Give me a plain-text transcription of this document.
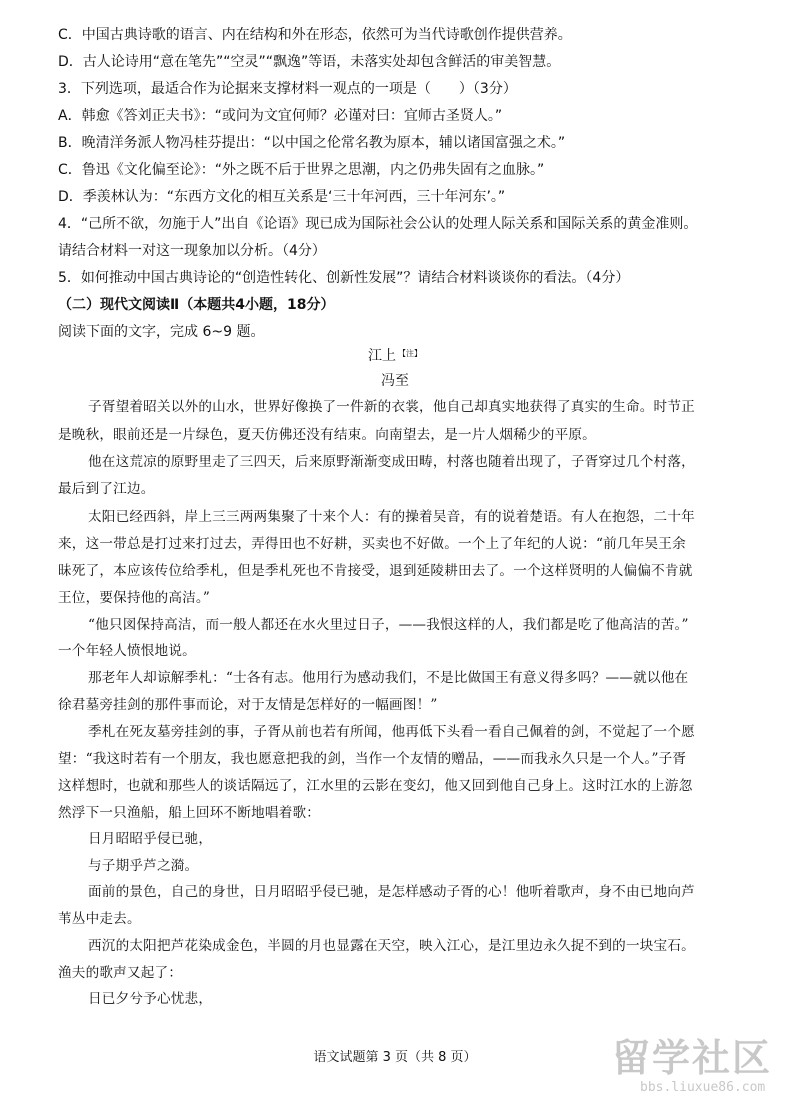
C．中国古典诗歌的语言、内在结构和外在形态，依然可为当代诗歌创作提供营养。
D．古人论诗用“意在笔先”“空灵”“飘逸”等语，未落实处却包含鲜活的审美智慧。
3．下列选项，最适合作为论据来支撑材料一观点的一项是（　　）（3分）
A．韩愈《答刘正夫书》：“或问为文宜何师？必谨对曰：宜师古圣贤人。”
B．晚清洋务派人物冯桂芬提出：“以中国之伦常名教为原本，辅以诸国富强之术。”
C．鲁迅《文化偏至论》：“外之既不后于世界之思潮，内之仍弗失固有之血脉。”
D．季羡林认为：“东西方文化的相互关系是‘三十年河西，三十年河东’。”
4．“己所不欲，勿施于人”出自《论语》现已成为国际社会公认的处理人际关系和国际关系的黄金准则。
请结合材料一对这一现象加以分析。（4分）
5．如何推动中国古典诗论的“创造性转化、创新性发展”？请结合材料谈谈你的看法。（4分）
（二）现代文阅读Ⅱ（本题共4小题，18分）
阅读下面的文字，完成 6~9 题。
江上 $^{【注】}$
冯至
子胥望着昭关以外的山水，世界好像换了一件新的衣裳，他自己却真实地获得了真实的生命。时节正
是晚秋，眼前还是一片绿色，夏天仿佛还没有结束。向南望去，是一片人烟稀少的平原。
他在这荒凉的原野里走了三四天，后来原野渐渐变成田畴，村落也随着出现了，子胥穿过几个村落，
最后到了江边。
太阳已经西斜，岸上三三两两集聚了十来个人：有的操着吴音，有的说着楚语。有人在抱怨，二十年
来，这一带总是打过来打过去，弄得田也不好耕，买卖也不好做。一个上了年纪的人说：“前几年吴王余
昧死了，本应该传位给季札，但是季札死也不肯接受，退到延陵耕田去了。一个这样贤明的人偏偏不肯就
王位，要保持他的高洁。”
“他只図保持高洁，而一般人都还在水火里过日子，——我恨这样的人，我们都是吃了他高洁的苦。”
一个年轻人愤恨地说。
那老年人却谅解季札：“士各有志。他用行为感动我们，不是比做国王有意义得多吗？——就以他在
徐君墓旁挂剑的那件事而论，对于友情是怎样好的一幅画图！”
季札在死友墓旁挂剑的事，子胥从前也若有所闻，他再低下头看一看自己佩着的剑，不觉起了一个愿
望：“我这时若有一个朋友，我也愿意把我的剑，当作一个友情的赠品，——而我永久只是一个人。”子胥
这样想时，也就和那些人的谈话隔远了，江水里的云影在变幻，他又回到他自己身上。这时江水的上游忽
然浮下一只渔船，船上回环不断地唱着歌：
日月昭昭乎侵已驰，
与子期乎芦之漪。
面前的景色，自己的身世，日月昭昭乎侵已驰，是怎样感动子胥的心！他听着歌声，身不由已地向芦
苇丛中走去。
西沉的太阳把芦花染成金色，半圆的月也显露在天空，映入江心，是江里边永久捉不到的一块宝石。
渔夫的歌声又起了：
日已夕兮予心忧悲，
语文试题第 3 页（共 8 页）	留学社区
bbs.liuxue86.com
